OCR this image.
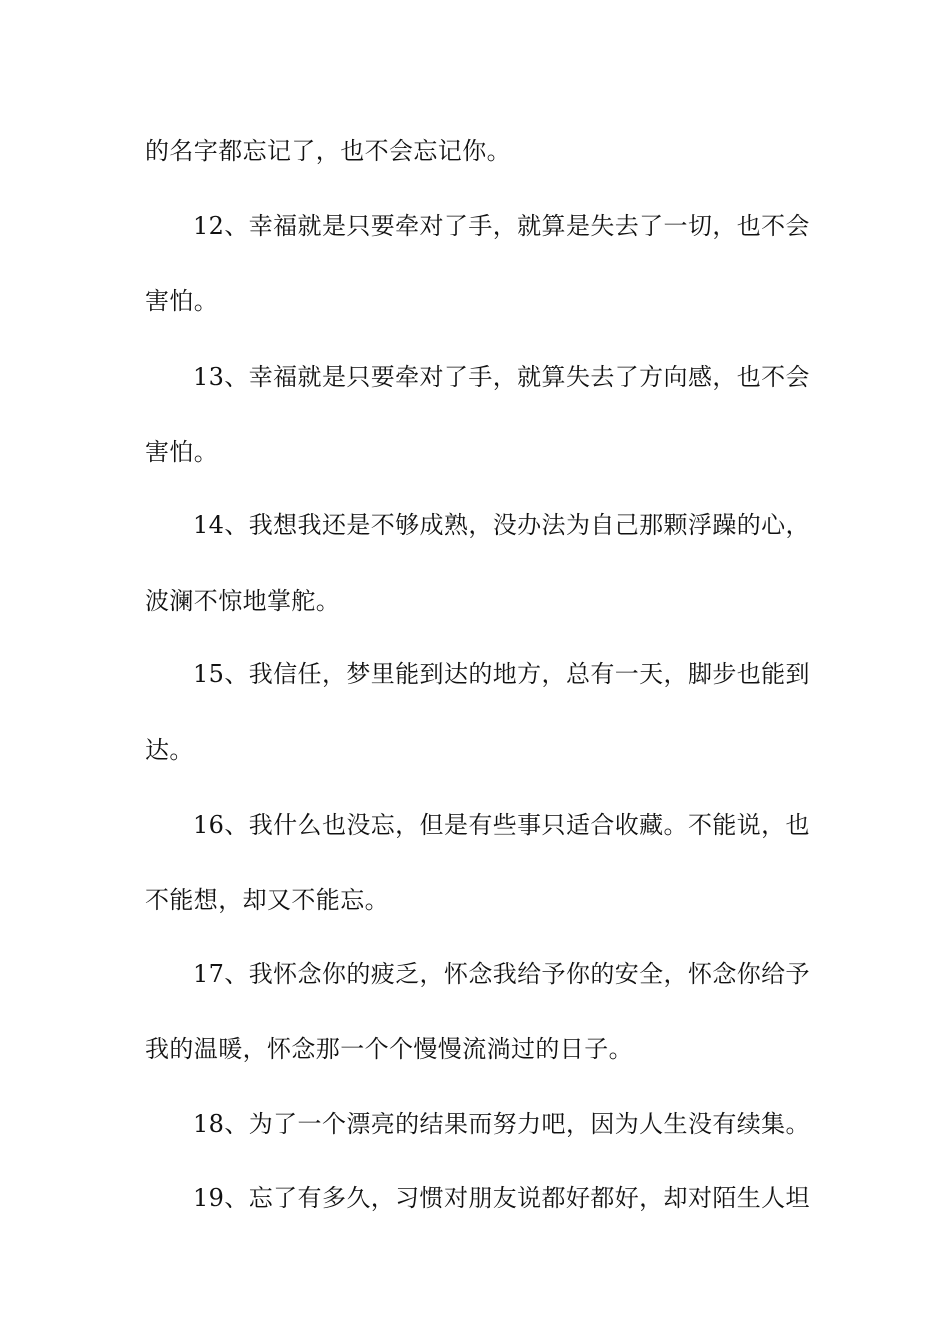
的名字都忘记了，也不会忘记你。
12、幸福就是只要牵对了手，就算是失去了一切，也不会
害怕。
13、幸福就是只要牵对了手，就算失去了方向感，也不会
害怕。
14、我想我还是不够成熟，没办法为自己那颗浮躁的心，
波澜不惊地掌舵。
15、我信任，梦里能到达的地方，总有一天，脚步也能到
达。
16、我什么也没忘，但是有些事只适合收藏。不能说，也
不能想，却又不能忘。
17、我怀念你的疲乏，怀念我给予你的安全，怀念你给予
我的温暖，怀念那一个个慢慢流淌过的日子。
18、为了一个漂亮的结果而努力吧，因为人生没有续集。
19、忘了有多久，习惯对朋友说都好都好，却对陌生人坦
